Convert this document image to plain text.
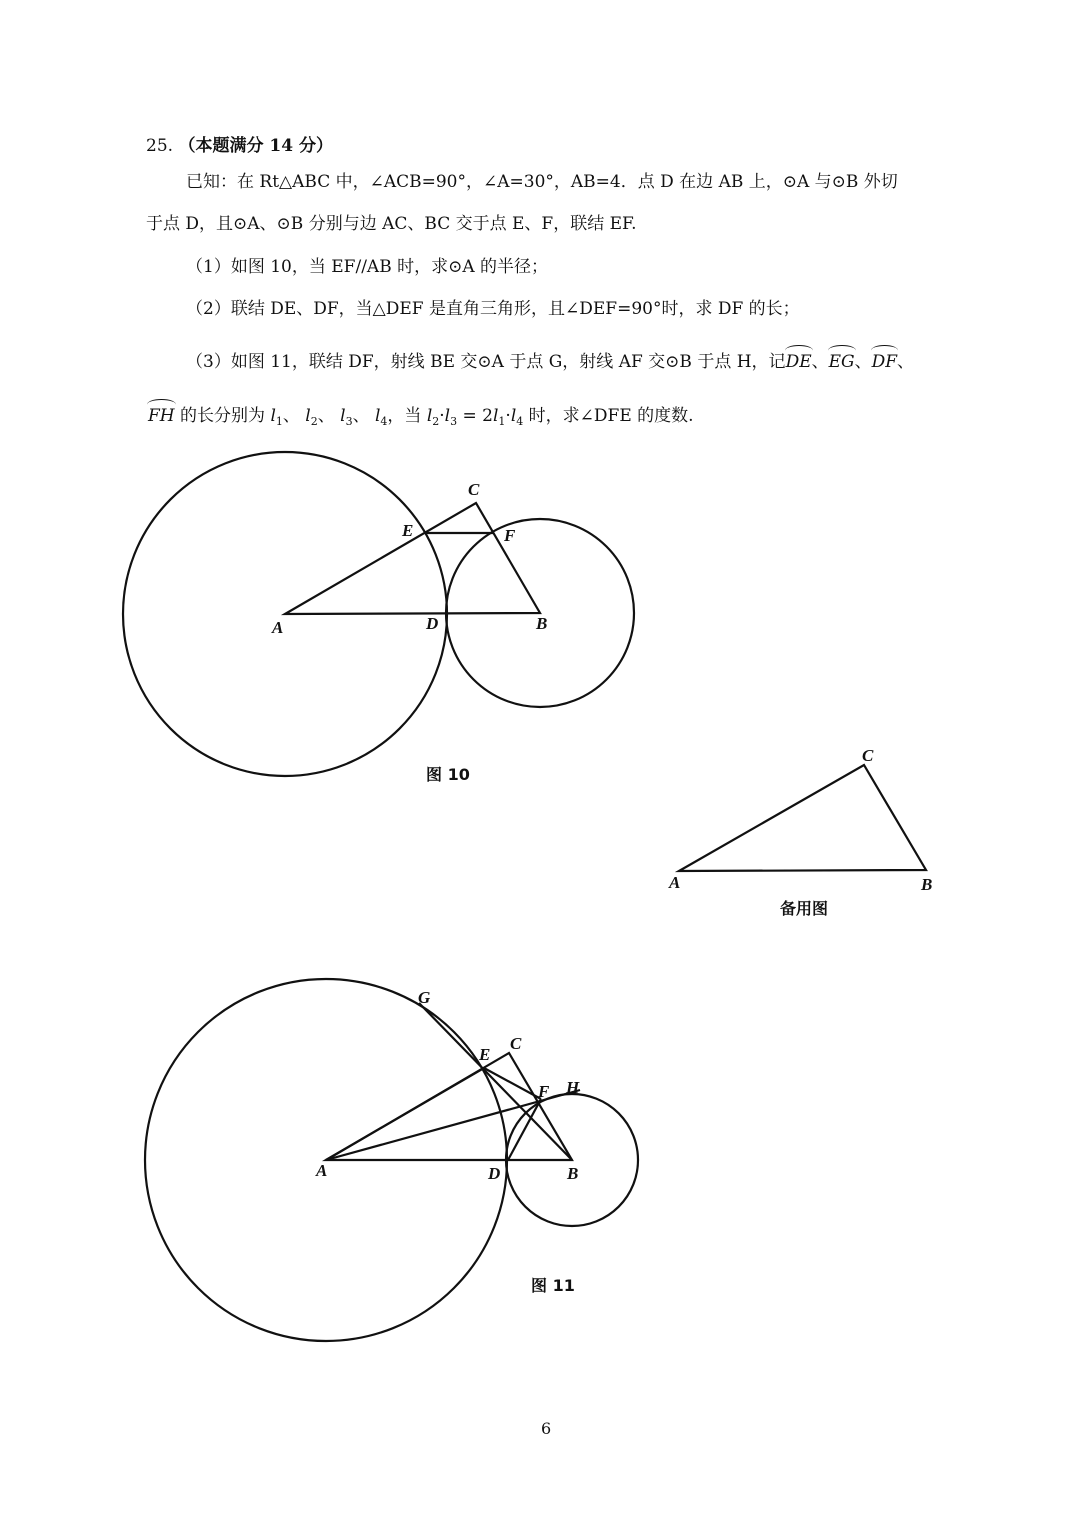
25. （本题满分 14 分）
已知：在 Rt△ABC 中，∠ACB=90°，∠A=30°，AB=4．点 D 在边 AB 上，⊙A 与⊙B 外切
于点 D，且⊙A、⊙B 分别与边 AC、BC 交于点 E、F，联结 EF.
（1）如图 10，当 EF//AB 时，求⊙A 的半径；
（2）联结 DE、DF，当△DEF 是直角三角形，且∠DEF=90°时，求 DF 的长；
（3）如图 11，联结 DF，射线 BE 交⊙A 于点 G，射线 AF 交⊙B 于点 H，记DE、EG、DF、
FH 的长分别为 $l_1$、 $l_2$、 $l_3$、 $l_4$，当 $l_2\cdot l_3 = 2l_1\cdot l_4$ 时，求∠DFE 的度数.
C
E	F
A	D	B
C
A	B
G
C
E
F H
A	D	B
图 10
备用图
图 11
6
